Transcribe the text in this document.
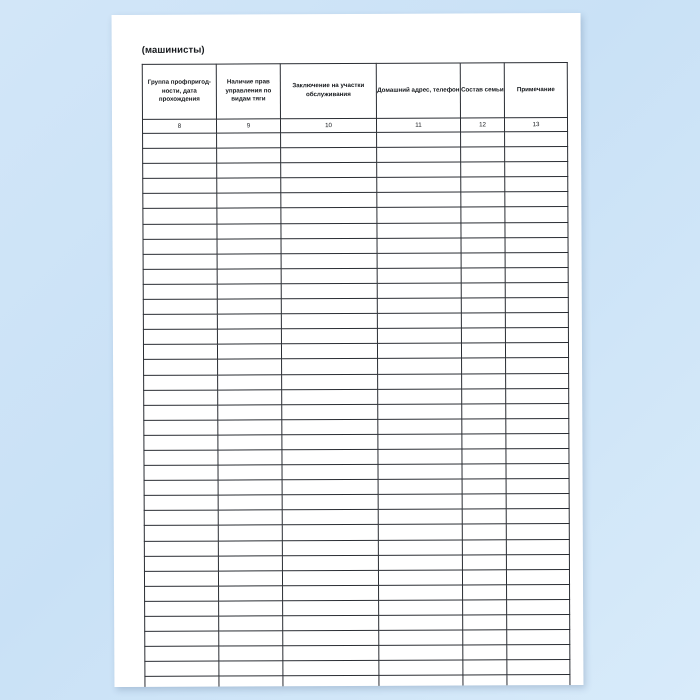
(машинисты)
Группа профпригод-ности, дата прохождения	Наличие прав управления по видам тяги	Заключение на участки обслуживания	Домашний адрес, телефон	Состав семьи	Примечание
8	9	10	11	12	13
